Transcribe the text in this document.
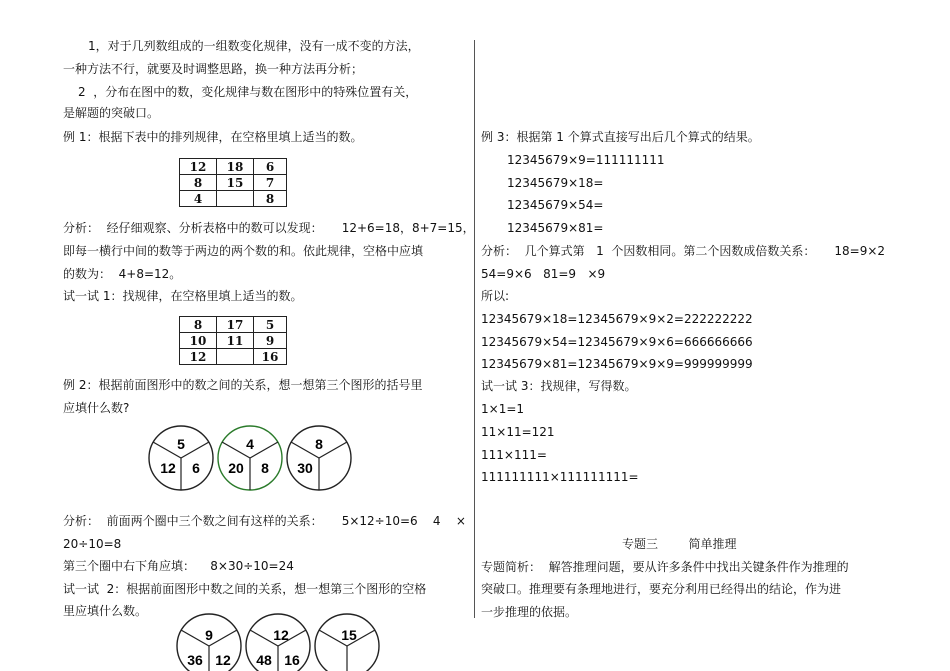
1，对于几列数组成的一组数变化规律，没有一成不变的方法，
一种方法不行，就要及时调整思路，换一种方法再分析；
2  ，分布在图中的数，变化规律与数在图形中的特殊位置有关，
是解题的突破口。
例 1：根据下表中的排列规律，在空格里填上适当的数。
12	18	6
8	15	7
4		8
分析：  经仔细观察、分析表格中的数可以发现：     12+6=18，8+7=15，
即每一横行中间的数等于两边的两个数的和。依此规律，空格中应填
的数为：  4+8=12。
试一试 1：找规律，在空格里填上适当的数。
8	17	5
10	11	9
12		16
例 2：根据前面图形中的数之间的关系，想一想第三个图形的括号里
应填什么数?
5
12 6
4
20 8
8
30
分析：  前面两个圈中三个数之间有这样的关系：     5×12÷10=6    4    ×
20÷10=8
第三个圈中右下角应填：    8×30÷10=24
试一试  2：根据前面图形中数之间的关系，想一想第三个图形的空格
里应填什么数。
9
36 12
12
48 16
15
例 3：根据第 1 个算式直接写出后几个算式的结果。
12345679×9=111111111
12345679×18=
12345679×54=
12345679×81=
分析：  几个算式第   1  个因数相同。第二个因数成倍数关系：     18=9×2
54=9×6   81=9   ×9
所以:
12345679×18=12345679×9×2=222222222
12345679×54=12345679×9×6=666666666
12345679×81=12345679×9×9=999999999
试一试 3：找规律，写得数。
1×1=1
11×11=121
111×111=
111111111×111111111=
专题三        简单推理
专题简析：  解答推理问题，要从许多条件中找出关键条件作为推理的
突破口。推理要有条理地进行，要充分利用已经得出的结论，作为进
一步推理的依据。
